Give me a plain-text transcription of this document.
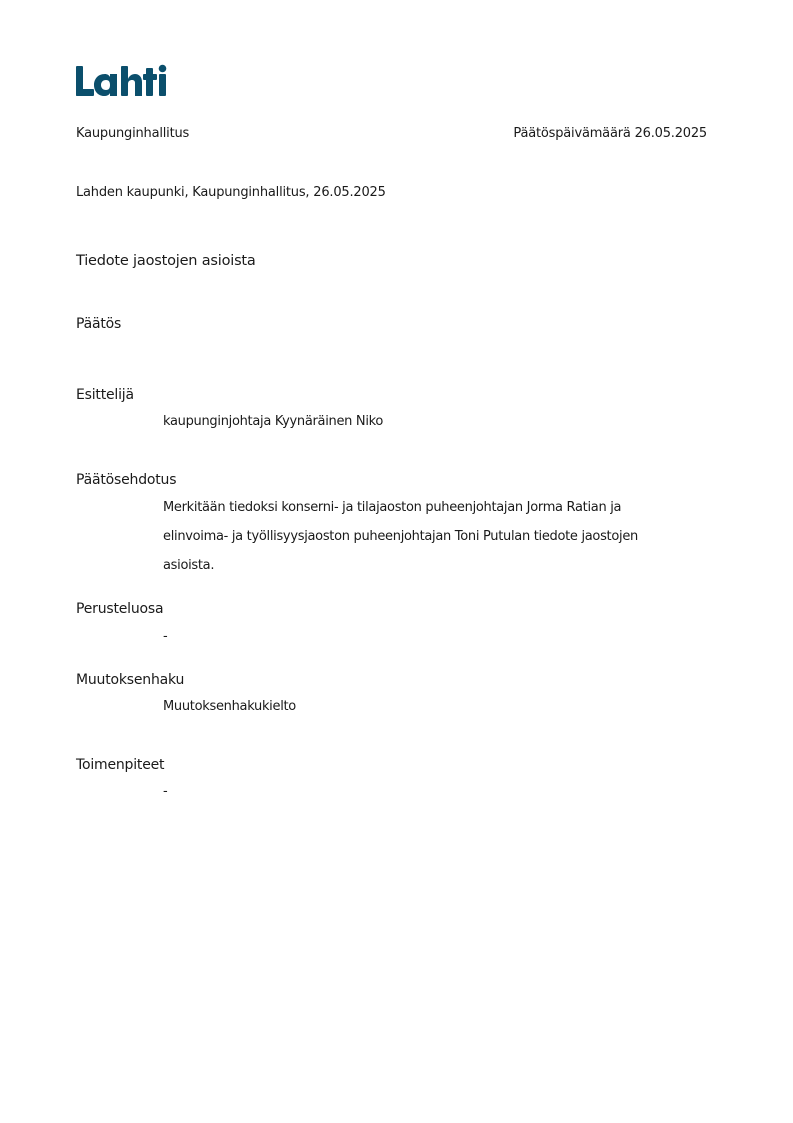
Kaupunginhallitus	Päätöspäivämäärä 26.05.2025
Lahden kaupunki, Kaupunginhallitus, 26.05.2025
Tiedote jaostojen asioista
Päätös
Esittelijä
kaupunginjohtaja Kyynäräinen Niko
Päätösehdotus
Merkitään tiedoksi konserni- ja tilajaoston puheenjohtajan Jorma Ratian ja elinvoima- ja työllisyysjaoston puheenjohtajan Toni Putulan tiedote jaostojen asioista.
Perusteluosa
-
Muutoksenhaku
Muutoksenhakukielto
Toimenpiteet
-
